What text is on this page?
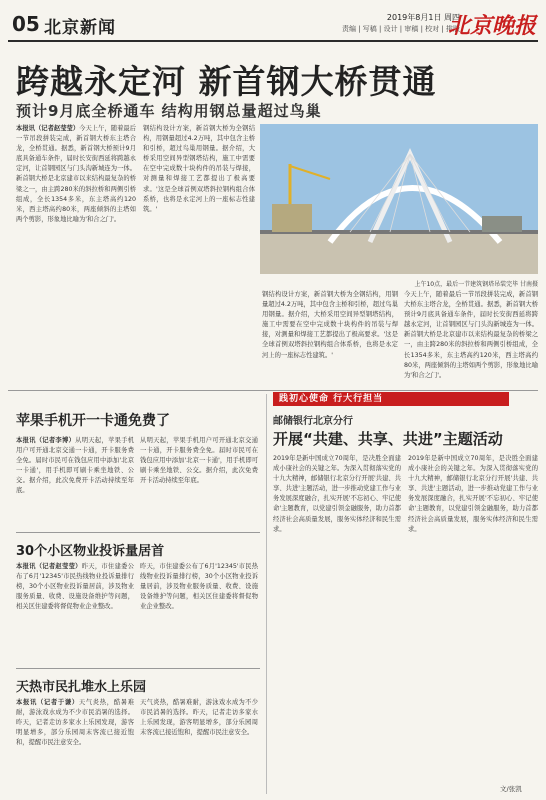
05 北京新闻
2019年8月1日 周四
责编 | 写稿 | 设计 | 审稿 | 校对 | 排版
北京晚报
跨越永定河 新首钢大桥贯通
预计9月底全桥通车 结构用钢总量超过鸟巢
本报讯（记者赵莹莹）今天上午，随着最后一节吊段拼装完成，新首钢大桥东主塔合龙，全桥贯通。据悉，新首钢大桥预计9月底具备通车条件，届时长安街西延将跨越永定河，让首钢园区与门头沟新城连为一体。新首钢大桥是北京建市以来结构最复杂的桥梁之一，由主跨280米的斜拉桥和两侧引桥组成，全长1354多米，东主塔高约120米，西主塔高约80米，两座倾斜的主塔如两个剪影，形象地比喻为'和合之门'。
钢结构设计方案，新首钢大桥为全钢结构，用钢量超过4.2万吨，其中包含主桥和引桥，超过鸟巢用钢量。据介绍，大桥采用空间异型钢塔结构，施工中需要在空中完成数十块构件的吊装与焊接，对测量和焊接工艺都提出了极高要求。'这是全球首例双塔斜拉钢构组合体系桥，也将是永定河上的一座标志性建筑。'
上午10点，最后一节建筑钢塔吊装完毕 甘南摄
钢结构设计方案，新首钢大桥为全钢结构，用钢量超过4.2万吨，其中包含主桥和引桥，超过鸟巢用钢量。据介绍，大桥采用空间异型钢塔结构，施工中需要在空中完成数十块构件的吊装与焊接，对测量和焊接工艺都提出了极高要求。'这是全球首例双塔斜拉钢构组合体系桥，也将是永定河上的一座标志性建筑。'
今天上午，随着最后一节吊段拼装完成，新首钢大桥东主塔合龙，全桥贯通。据悉，新首钢大桥预计9月底具备通车条件，届时长安街西延将跨越永定河，让首钢园区与门头沟新城连为一体。新首钢大桥是北京建市以来结构最复杂的桥梁之一，由主跨280米的斜拉桥和两侧引桥组成，全长1354多米，东主塔高约120米，西主塔高约80米，两座倾斜的主塔如两个剪影，形象地比喻为'和合之门'。
苹果手机开一卡通免费了
本报讯（记者李博）从明天起，苹果手机用户可开通北京交通一卡通，开卡服务费全免。届时市民可在钱包应用中添加'北京一卡通'，用手机即可刷卡乘坐地铁、公交。据介绍，此次免费开卡活动持续至年底。
从明天起，苹果手机用户可开通北京交通一卡通，开卡服务费全免。届时市民可在钱包应用中添加'北京一卡通'，用手机即可刷卡乘坐地铁、公交。据介绍，此次免费开卡活动持续至年底。
30个小区物业投诉量居首
本报讯（记者赵莹莹）昨天，市住建委公布了6月'12345'市民热线物业投诉量排行榜，30个小区物业投诉量居前，涉及物业服务质量、收费、设施设备维护等问题，相关区住建委将督促物业企业整改。
昨天，市住建委公布了6月'12345'市民热线物业投诉量排行榜，30个小区物业投诉量居前，涉及物业服务质量、收费、设施设备维护等问题，相关区住建委将督促物业企业整改。
天热市民扎堆水上乐园
本报讯（记者于谦）天气炎热，酷暑难耐，游泳戏水成为不少市民消暑的选择。昨天，记者走访多家水上乐园发现，游客明显增多，部分乐园周末客流已接近饱和，提醒市民注意安全。
天气炎热，酷暑难耐，游泳戏水成为不少市民消暑的选择。昨天，记者走访多家水上乐园发现，游客明显增多，部分乐园周末客流已接近饱和，提醒市民注意安全。
践初心使命 行大行担当
邮储银行北京分行
开展“共建、共享、共进”主题活动
2019年是新中国成立70周年，是决胜全面建成小康社会的关键之年。为深入贯彻落实党的十九大精神，邮储银行北京分行开展'共建、共享、共进'主题活动，进一步推动党建工作与业务发展深度融合，扎实开展'不忘初心、牢记使命'主题教育，以党建引领金融服务，助力首都经济社会高质量发展，服务实体经济和民生需求。
2019年是新中国成立70周年，是决胜全面建成小康社会的关键之年。为深入贯彻落实党的十九大精神，邮储银行北京分行开展'共建、共享、共进'主题活动，进一步推动党建工作与业务发展深度融合，扎实开展'不忘初心、牢记使命'主题教育，以党建引领金融服务，助力首都经济社会高质量发展，服务实体经济和民生需求。
文/张凯
